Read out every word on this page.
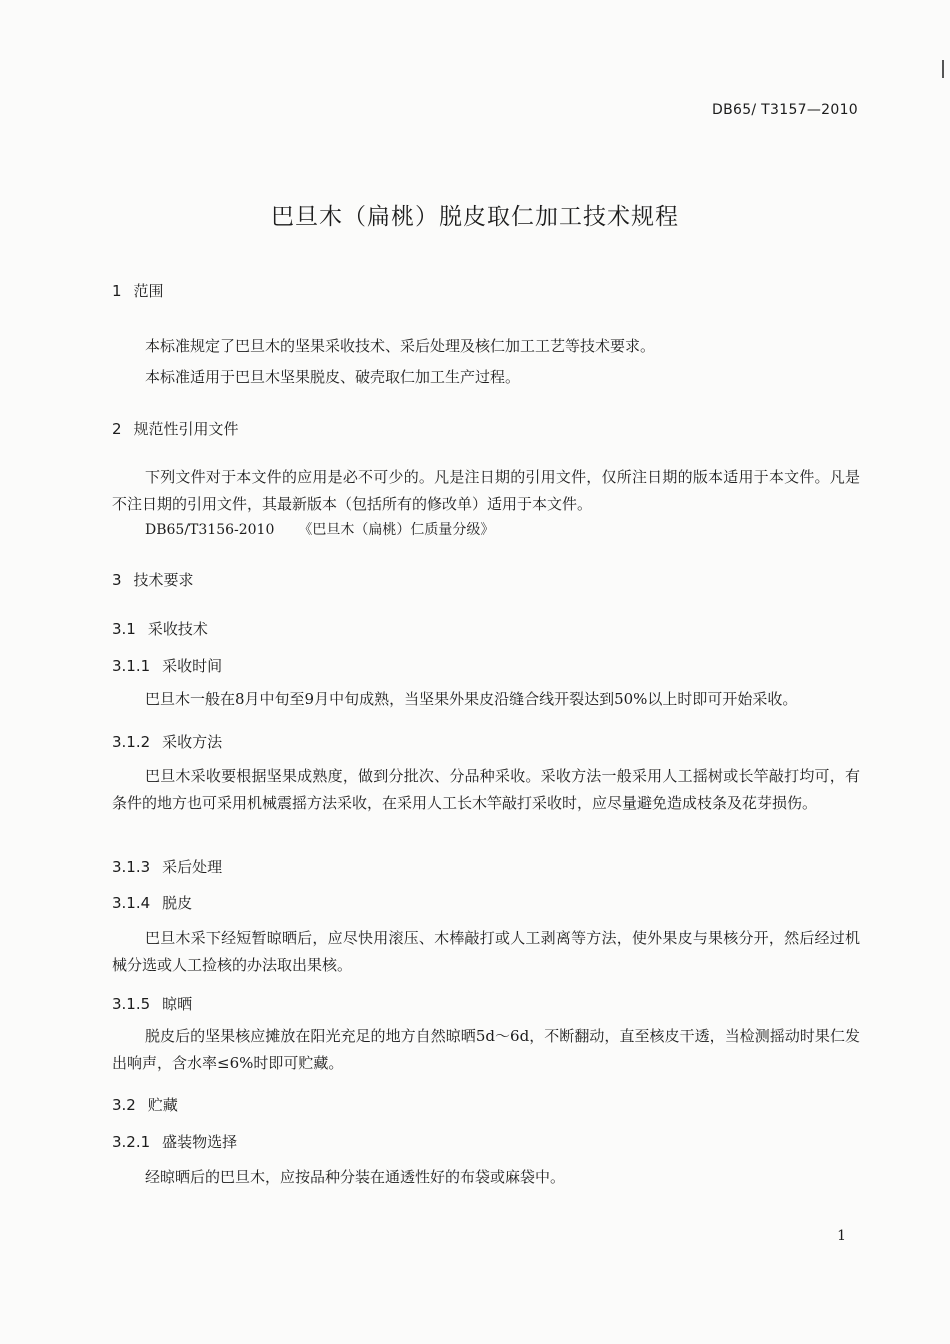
DB65/ T3157—2010
巴旦木（扁桃）脱皮取仁加工技术规程
1 范围
本标准规定了巴旦木的坚果采收技术、采后处理及核仁加工工艺等技术要求。
本标准适用于巴旦木坚果脱皮、破壳取仁加工生产过程。
2 规范性引用文件
下列文件对于本文件的应用是必不可少的。凡是注日期的引用文件，仅所注日期的版本适用于本文件。凡是不注日期的引用文件，其最新版本（包括所有的修改单）适用于本文件。
DB65/T3156-2010 《巴旦木（扁桃）仁质量分级》
3 技术要求
3.1 采收技术
3.1.1 采收时间
巴旦木一般在8月中旬至9月中旬成熟，当坚果外果皮沿缝合线开裂达到50%以上时即可开始采收。
3.1.2 采收方法
巴旦木采收要根据坚果成熟度，做到分批次、分品种采收。采收方法一般采用人工摇树或长竿敲打均可，有条件的地方也可采用机械震摇方法采收，在采用人工长木竿敲打采收时，应尽量避免造成枝条及花芽损伤。
3.1.3 采后处理
3.1.4 脱皮
巴旦木采下经短暂晾晒后，应尽快用滚压、木棒敲打或人工剥离等方法，使外果皮与果核分开，然后经过机械分选或人工捡核的办法取出果核。
3.1.5 晾晒
脱皮后的坚果核应摊放在阳光充足的地方自然晾晒5d～6d，不断翻动，直至核皮干透，当检测摇动时果仁发出响声，含水率≤6%时即可贮藏。
3.2 贮藏
3.2.1 盛装物选择
经晾晒后的巴旦木，应按品种分装在通透性好的布袋或麻袋中。
1
